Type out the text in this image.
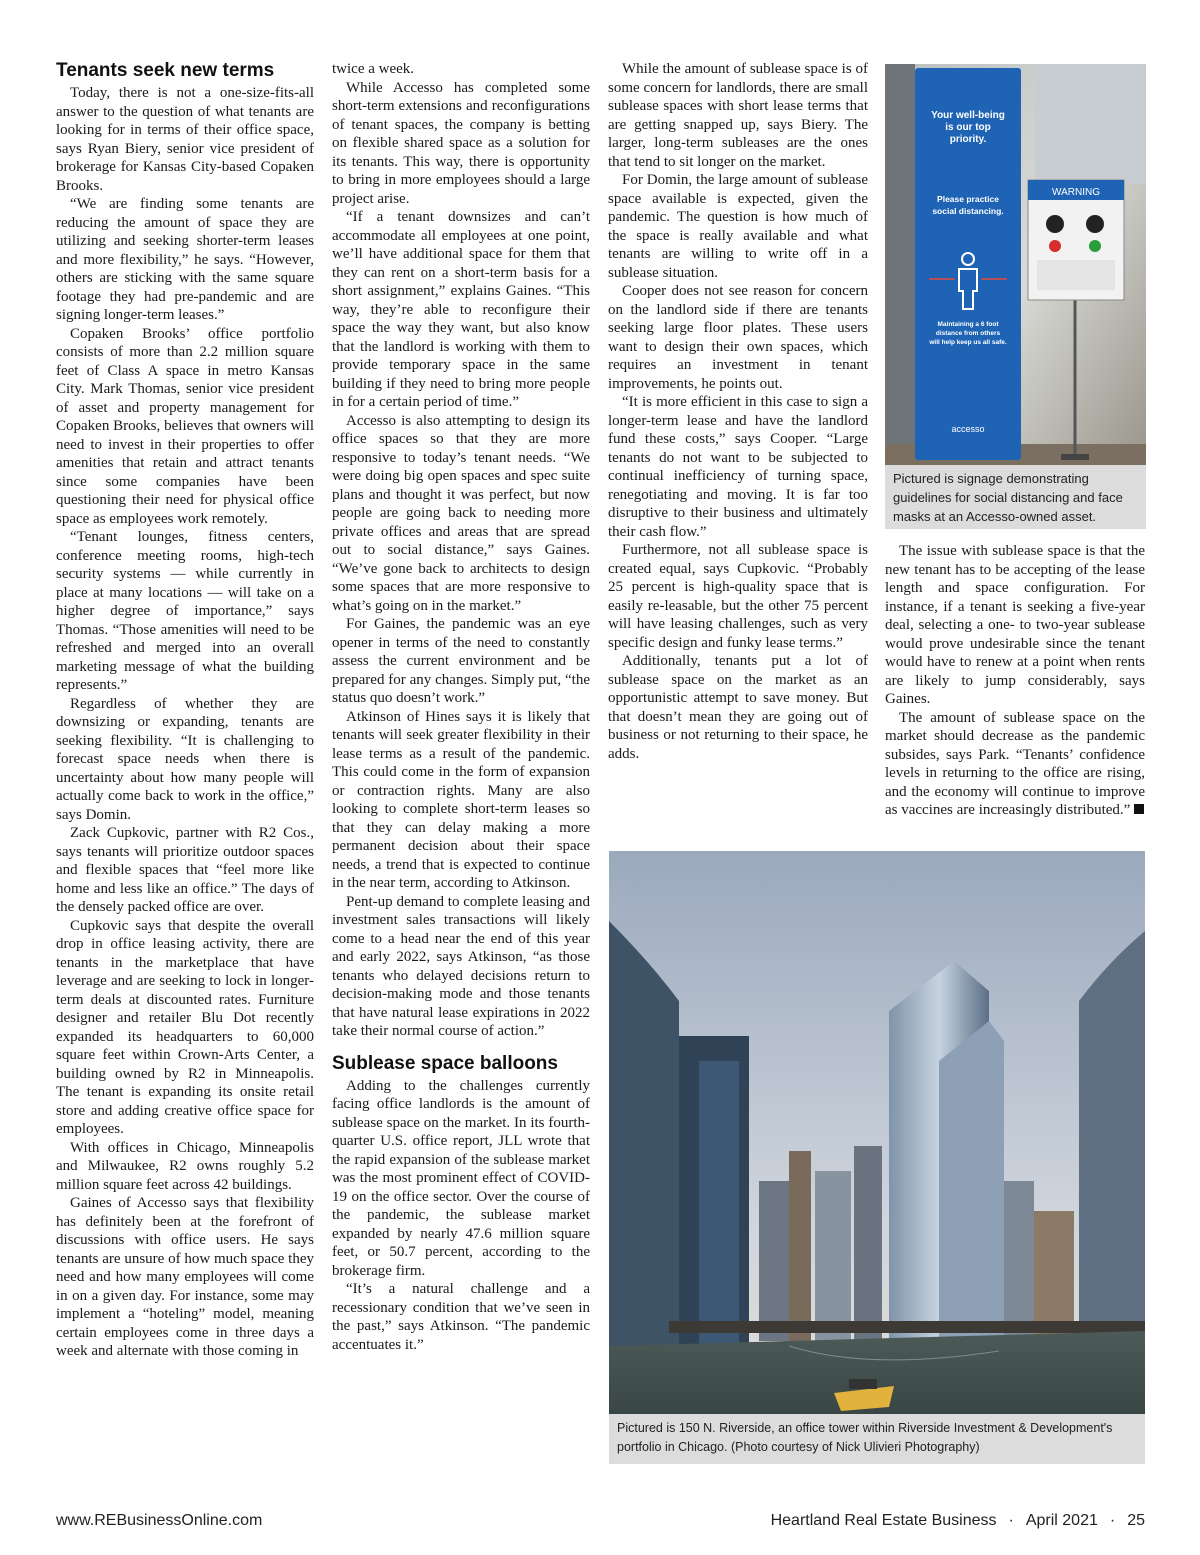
Tenants seek new terms

Today, there is not a one-size-fits-all answer to the question of what tenants are looking for in terms of their office space, says Ryan Biery, senior vice president of brokerage for Kansas City-based Copaken Brooks.

“We are finding some tenants are reducing the amount of space they are utilizing and seeking shorter-term leases and more flexibility,” he says. “However, others are sticking with the same square footage they had pre-pandemic and are signing longer-term leases.”

Copaken Brooks’ office portfolio consists of more than 2.2 million square feet of Class A space in metro Kansas City. Mark Thomas, senior vice president of asset and property management for Copaken Brooks, believes that owners will need to invest in their properties to offer amenities that retain and attract tenants since some companies have been questioning their need for physical office space as employees work remotely.

“Tenant lounges, fitness centers, conference meeting rooms, high-tech security systems — while currently in place at many locations — will take on a higher degree of importance,” says Thomas. “Those amenities will need to be refreshed and merged into an overall marketing message of what the building represents.”

Regardless of whether they are downsizing or expanding, tenants are seeking flexibility. “It is challenging to forecast space needs when there is uncertainty about how many people will actually come back to work in the office,” says Domin.

Zack Cupkovic, partner with R2 Cos., says tenants will prioritize outdoor spaces and flexible spaces that “feel more like home and less like an office.” The days of the densely packed office are over.

Cupkovic says that despite the overall drop in office leasing activity, there are tenants in the marketplace that have leverage and are seeking to lock in longer-term deals at discounted rates. Furniture designer and retailer Blu Dot recently expanded its headquarters to 60,000 square feet within Crown-Arts Center, a building owned by R2 in Minneapolis. The tenant is expanding its onsite retail store and adding creative office space for employees.

With offices in Chicago, Minneapolis and Milwaukee, R2 owns roughly 5.2 million square feet across 42 buildings.

Gaines of Accesso says that flexibility has definitely been at the forefront of discussions with office users. He says tenants are unsure of how much space they need and how many employees will come in on a given day. For instance, some may implement a “hoteling” model, meaning certain employees come in three days a week and alternate with those coming in

twice a week.

While Accesso has completed some short-term extensions and reconfigurations of tenant spaces, the company is betting on flexible shared space as a solution for its tenants. This way, there is opportunity to bring in more employees should a large project arise.

“If a tenant downsizes and can’t accommodate all employees at one point, we’ll have additional space for them that they can rent on a short-term basis for a short assignment,” explains Gaines. “This way, they’re able to reconfigure their space the way they want, but also know that the landlord is working with them to provide temporary space in the same building if they need to bring more people in for a certain period of time.”

Accesso is also attempting to design its office spaces so that they are more responsive to today’s tenant needs. “We were doing big open spaces and spec suite plans and thought it was perfect, but now people are going back to needing more private offices and areas that are spread out to social distance,” says Gaines. “We’ve gone back to architects to design some spaces that are more responsive to what’s going on in the market.”

For Gaines, the pandemic was an eye opener in terms of the need to constantly assess the current environment and be prepared for any changes. Simply put, “the status quo doesn’t work.”

Atkinson of Hines says it is likely that tenants will seek greater flexibility in their lease terms as a result of the pandemic. This could come in the form of expansion or contraction rights. Many are also looking to complete short-term leases so that they can delay making a more permanent decision about their space needs, a trend that is expected to continue in the near term, according to Atkinson.

Pent-up demand to complete leasing and investment sales transactions will likely come to a head near the end of this year and early 2022, says Atkinson, “as those tenants who delayed decisions return to decision-making mode and those tenants that have natural lease expirations in 2022 take their normal course of action.”

Sublease space balloons

Adding to the challenges currently facing office landlords is the amount of sublease space on the market. In its fourth-quarter U.S. office report, JLL wrote that the rapid expansion of the sublease market was the most prominent effect of COVID-19 on the office sector. Over the course of the pandemic, the sublease market expanded by nearly 47.6 million square feet, or 50.7 percent, according to the brokerage firm.

“It’s a natural challenge and a recessionary condition that we’ve seen in the past,” says Atkinson. “The pandemic accentuates it.”

While the amount of sublease space is of some concern for landlords, there are small sublease spaces with short lease terms that are getting snapped up, says Biery. The larger, long-term subleases are the ones that tend to sit longer on the market.

For Domin, the large amount of sublease space available is expected, given the pandemic. The question is how much of the space is really available and what tenants are willing to write off in a sublease situation.

Cooper does not see reason for concern on the landlord side if there are tenants seeking large floor plates. These users want to design their own spaces, which requires an investment in tenant improvements, he points out.

“It is more efficient in this case to sign a longer-term lease and have the landlord fund these costs,” says Cooper. “Large tenants do not want to be subjected to continual inefficiency of turning space, renegotiating and moving. It is far too disruptive to their business and ultimately their cash flow.”

Furthermore, not all sublease space is created equal, says Cupkovic. “Probably 25 percent is high-quality space that is easily re-leasable, but the other 75 percent will have leasing challenges, such as very specific design and funky lease terms.”

Additionally, tenants put a lot of sublease space on the market as an opportunistic attempt to save money. But that doesn’t mean they are going out of business or not returning to their space, he adds.

Your well-being
is our top
priority.
Please practice
social distancing.
Maintaining a 6 foot
distance from others
will help keep us all safe.
accesso
WARNING
Pictured is signage demonstrating guidelines for social distancing and face masks at an Accesso-owned asset.

The issue with sublease space is that the new tenant has to be accepting of the lease length and space configuration. For instance, if a tenant is seeking a five-year deal, selecting a one- to two-year sublease would prove undesirable since the tenant would have to renew at a point when rents are likely to jump considerably, says Gaines.

The amount of sublease space on the market should decrease as the pandemic subsides, says Park. “Tenants’ confidence levels in returning to the office are rising, and the economy will continue to improve as vaccines are increasingly distributed.”

Pictured is 150 N. Riverside, an office tower within Riverside Investment & Development's portfolio in Chicago. (Photo courtesy of Nick Ulivieri Photography)
www.REBusinessOnline.com	Heartland Real Estate Business · April 2021 · 25
